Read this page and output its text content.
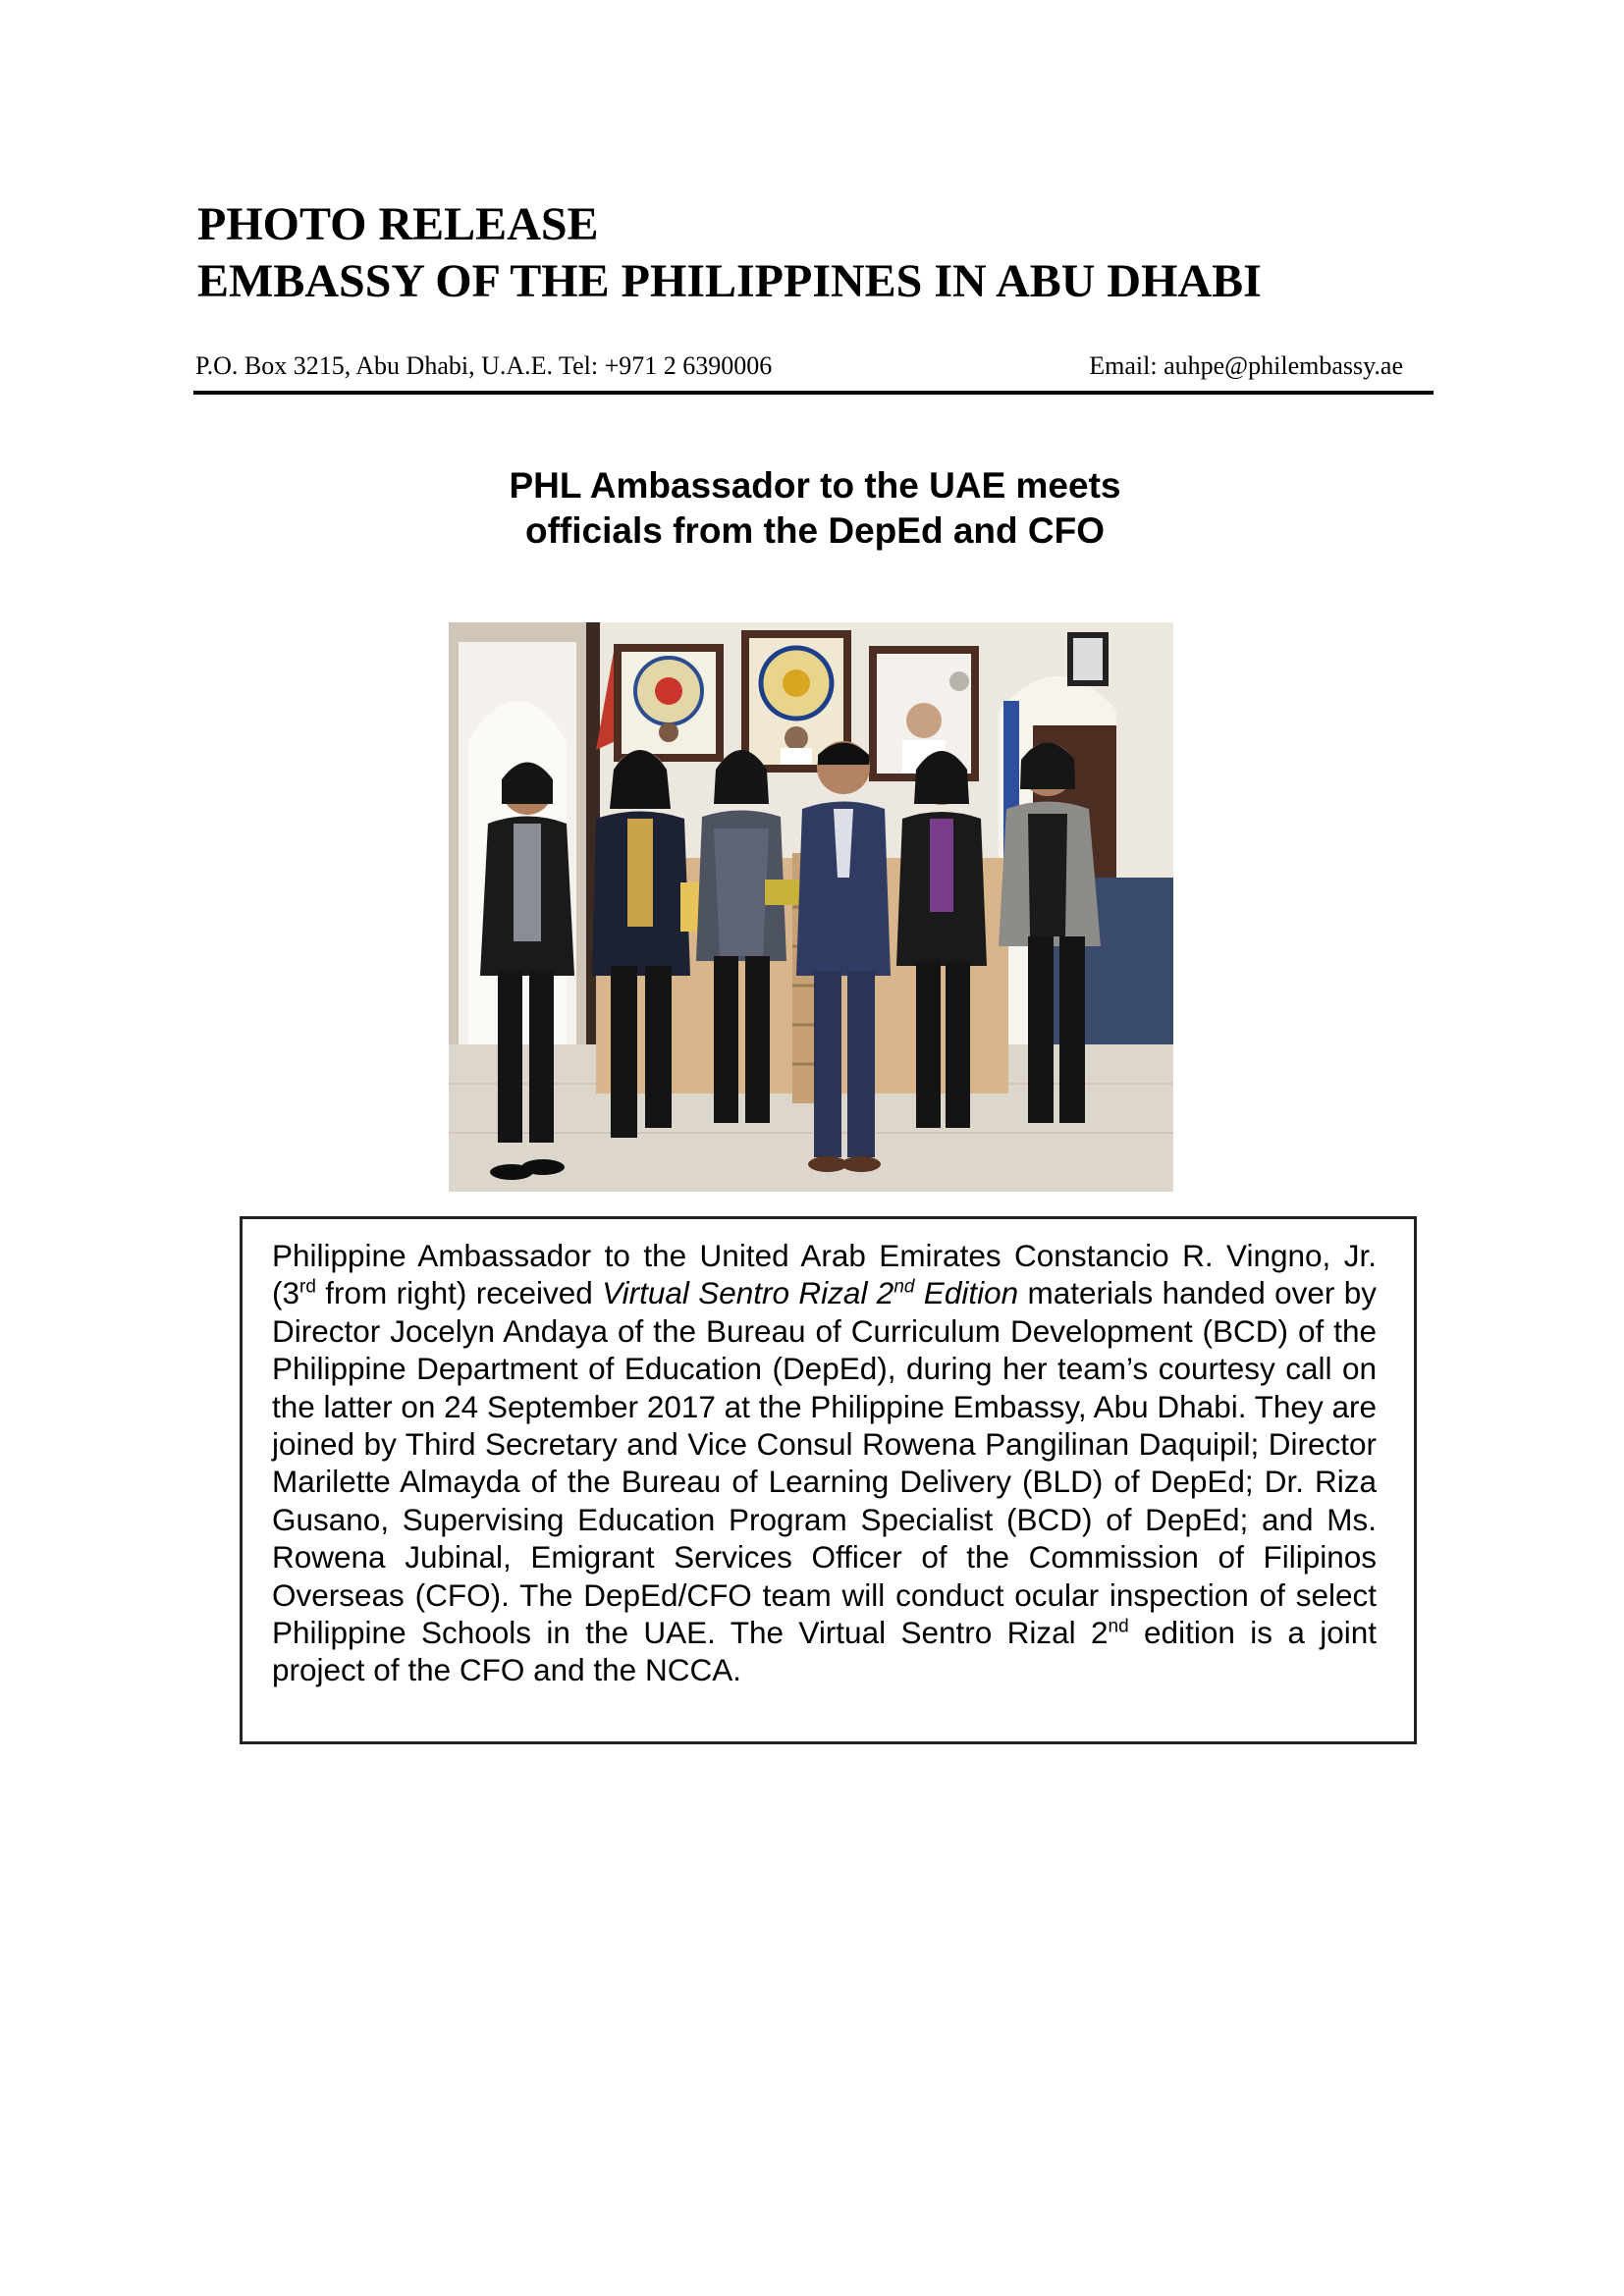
PHOTO RELEASE
EMBASSY OF THE PHILIPPINES IN ABU DHABI
P.O. Box 3215, Abu Dhabi, U.A.E. Tel: +971 2 6390006	Email: auhpe@philembassy.ae
PHL Ambassador to the UAE meets
officials from the DepEd and CFO

Philippine Ambassador to the United Arab Emirates Constancio R. Vingno, Jr. (3rd from right) received Virtual Sentro Rizal 2nd Edition materials handed over by Director Jocelyn Andaya of the Bureau of Curriculum Development (BCD) of the Philippine Department of Education (DepEd), during her team’s courtesy call on the latter on 24 September 2017 at the Philippine Embassy, Abu Dhabi. They are joined by Third Secretary and Vice Consul Rowena Pangilinan Daquipil; Director Marilette Almayda of the Bureau of Learning Delivery (BLD) of DepEd; Dr. Riza Gusano, Supervising Education Program Specialist (BCD) of DepEd; and Ms. Rowena Jubinal, Emigrant Services Officer of the Commission of Filipinos Overseas (CFO). The DepEd/CFO team will conduct ocular inspection of select Philippine Schools in the UAE. The Virtual Sentro Rizal 2nd edition is a joint project of the CFO and the NCCA.
